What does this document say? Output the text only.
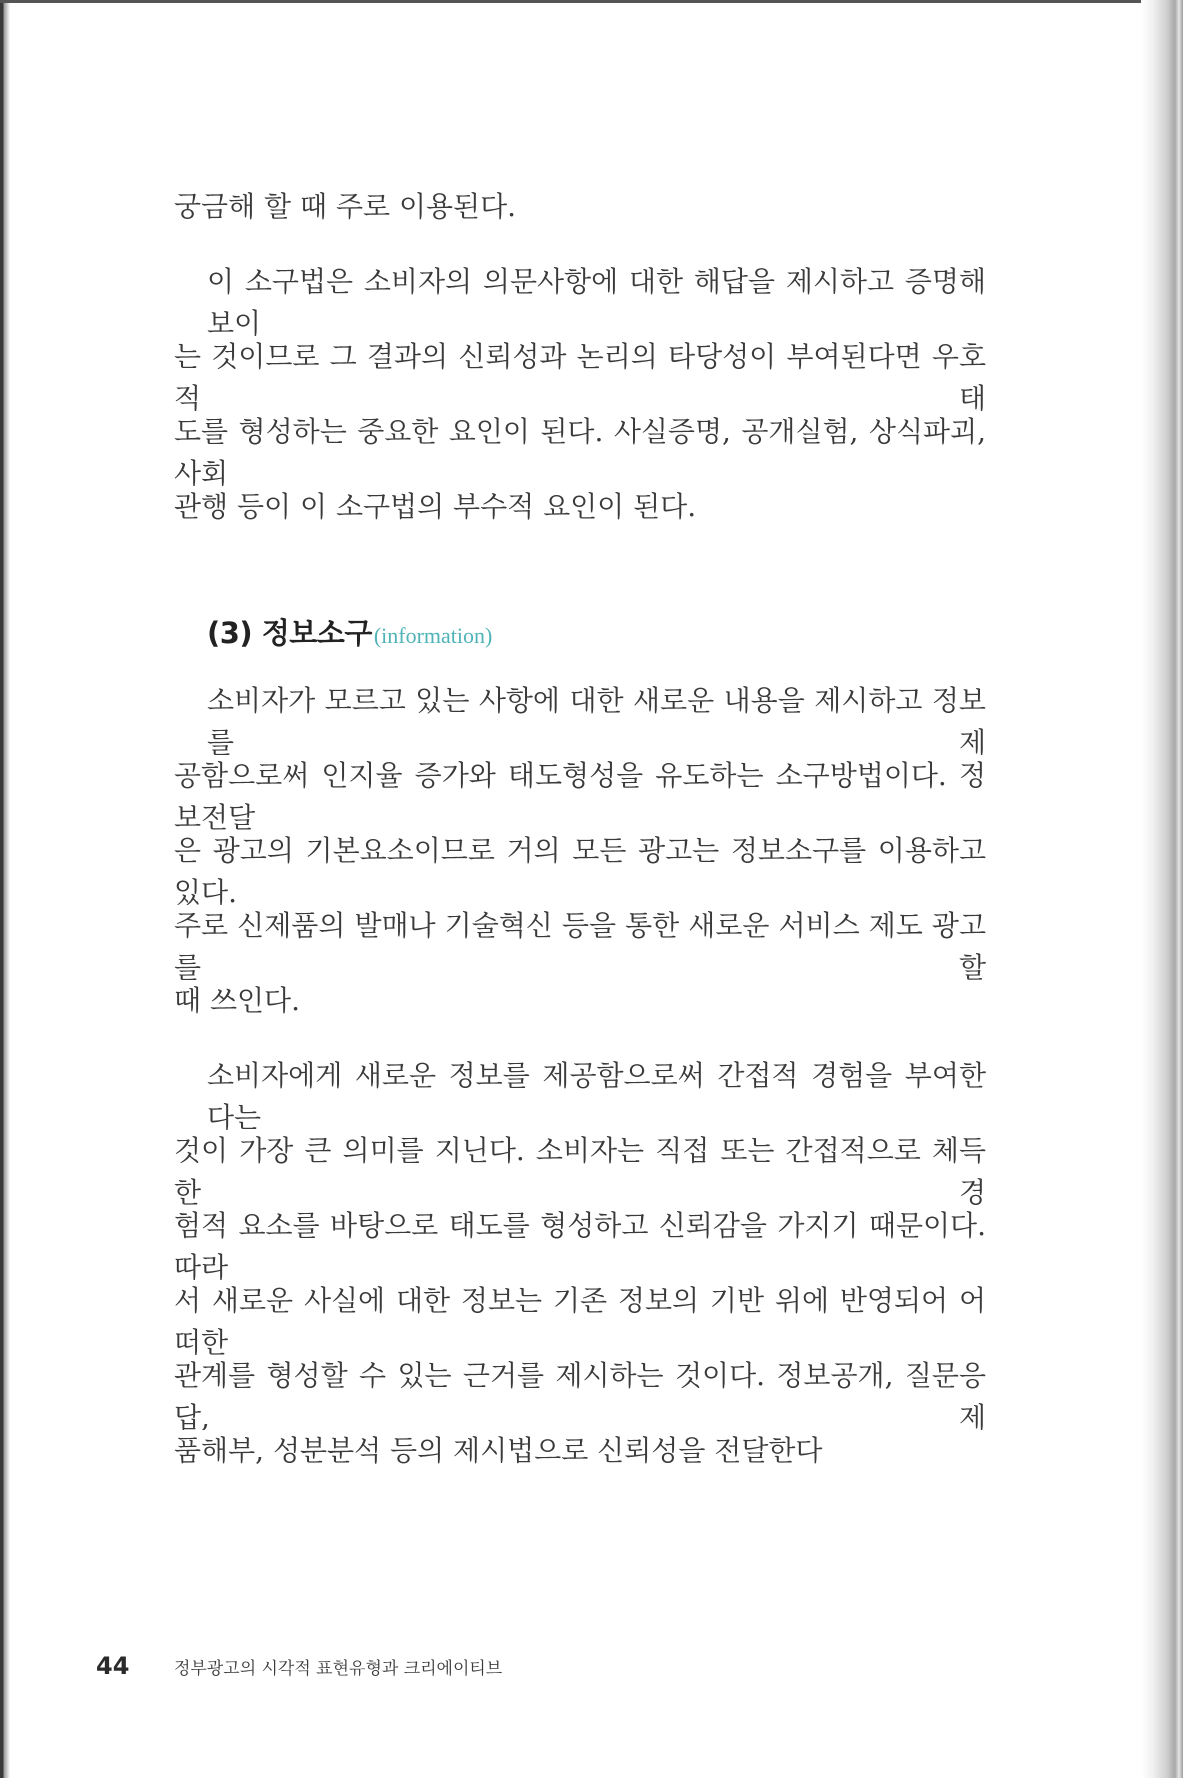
궁금해 할 때 주로 이용된다.
이 소구법은 소비자의 의문사항에 대한 해답을 제시하고 증명해 보이
는 것이므로 그 결과의 신뢰성과 논리의 타당성이 부여된다면 우호적 태
도를 형성하는 중요한 요인이 된다. 사실증명, 공개실험, 상식파괴, 사회
관행 등이 이 소구법의 부수적 요인이 된다.
(3) 정보소구(information)
소비자가 모르고 있는 사항에 대한 새로운 내용을 제시하고 정보를 제
공함으로써 인지율 증가와 태도형성을 유도하는 소구방법이다. 정보전달
은 광고의 기본요소이므로 거의 모든 광고는 정보소구를 이용하고 있다.
주로 신제품의 발매나 기술혁신 등을 통한 새로운 서비스 제도 광고를 할
때 쓰인다.
소비자에게 새로운 정보를 제공함으로써 간접적 경험을 부여한다는
것이 가장 큰 의미를 지닌다. 소비자는 직접 또는 간접적으로 체득한 경
험적 요소를 바탕으로 태도를 형성하고 신뢰감을 가지기 때문이다. 따라
서 새로운 사실에 대한 정보는 기존 정보의 기반 위에 반영되어 어떠한
관계를 형성할 수 있는 근거를 제시하는 것이다. 정보공개, 질문응답, 제
품해부, 성분분석 등의 제시법으로 신뢰성을 전달한다
44	정부광고의 시각적 표현유형과 크리에이티브
